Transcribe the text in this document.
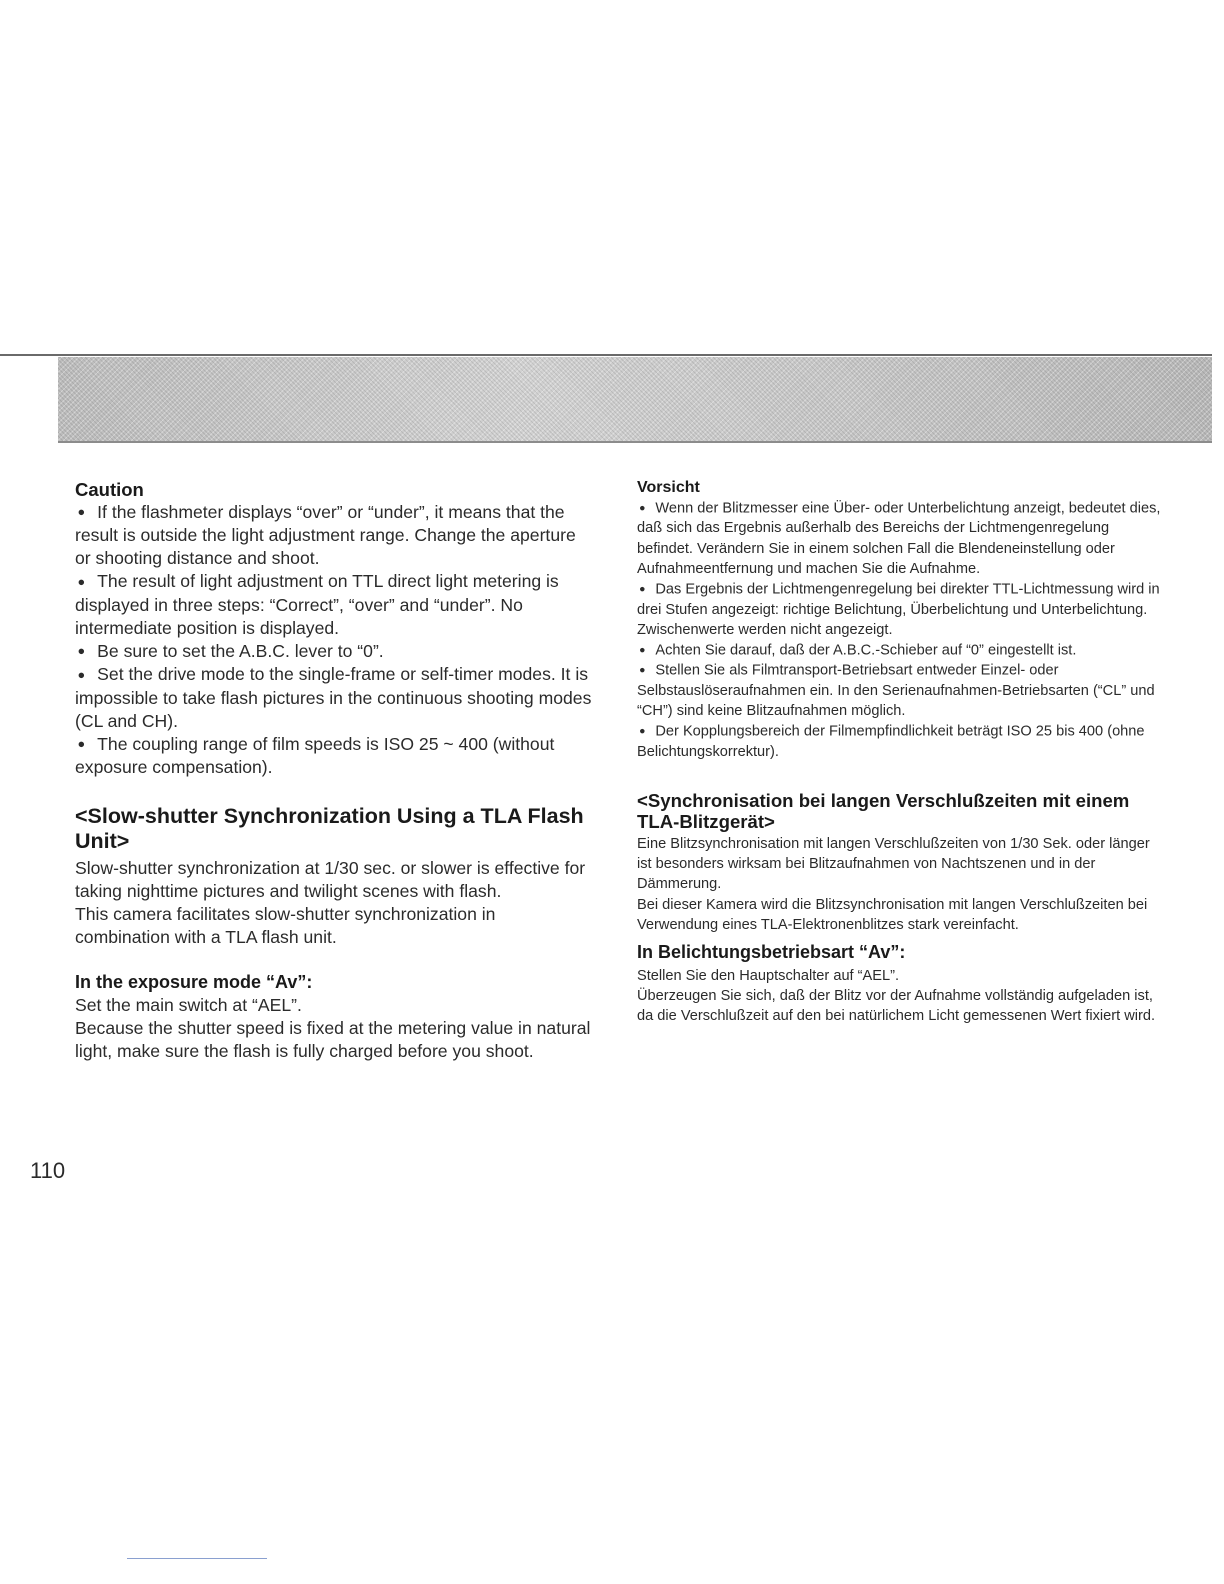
Caution

● If the flashmeter displays “over” or “under”, it means that the result is outside the light adjustment range. Change the aperture or shooting distance and shoot.

● The result of light adjustment on TTL direct light metering is displayed in three steps: “Correct”, “over” and “under”. No intermediate position is displayed.

● Be sure to set the A.B.C. lever to “0”.

● Set the drive mode to the single-frame or self-timer modes. It is impossible to take flash pictures in the continuous shooting modes (CL and CH).

● The coupling range of film speeds is ISO 25 ~ 400 (without exposure compensation).

<Slow-shutter Synchronization Using a TLA Flash Unit>

Slow-shutter synchronization at 1/30 sec. or slower is effective for taking nighttime pictures and twilight scenes with flash.

This camera facilitates slow-shutter synchronization in combination with a TLA flash unit.

In the exposure mode “Av”:

Set the main switch at “AEL”.

Because the shutter speed is fixed at the metering value in natural light, make sure the flash is fully charged before you shoot.

Vorsicht

● Wenn der Blitzmesser eine Über- oder Unterbelichtung anzeigt, bedeutet dies, daß sich das Ergebnis außerhalb des Bereichs der Lichtmengenregelung befindet. Verändern Sie in einem solchen Fall die Blendeneinstellung oder Aufnahmeentfernung und machen Sie die Aufnahme.

● Das Ergebnis der Lichtmengenregelung bei direkter TTL-Lichtmessung wird in drei Stufen angezeigt: richtige Belichtung, Überbelichtung und Unterbelichtung. Zwischenwerte werden nicht angezeigt.

● Achten Sie darauf, daß der A.B.C.-Schieber auf “0” eingestellt ist.

● Stellen Sie als Filmtransport-Betriebsart entweder Einzel- oder Selbstauslöseraufnahmen ein. In den Serienaufnahmen-Betriebsarten (“CL” und “CH”) sind keine Blitzaufnahmen möglich.

● Der Kopplungsbereich der Filmempfindlichkeit beträgt ISO 25 bis 400 (ohne Belichtungskorrektur).

<Synchronisation bei langen Verschlußzeiten mit einem TLA-Blitzgerät>

Eine Blitzsynchronisation mit langen Verschlußzeiten von 1/30 Sek. oder länger ist besonders wirksam bei Blitzaufnahmen von Nachtszenen und in der Dämmerung.

Bei dieser Kamera wird die Blitzsynchronisation mit langen Verschlußzeiten bei Verwendung eines TLA-Elektronenblitzes stark vereinfacht.

In Belichtungsbetriebsart “Av”:

Stellen Sie den Hauptschalter auf “AEL”.

Überzeugen Sie sich, daß der Blitz vor der Aufnahme vollständig aufgeladen ist, da die Verschlußzeit auf den bei natürlichem Licht gemessenen Wert fixiert wird.

110
